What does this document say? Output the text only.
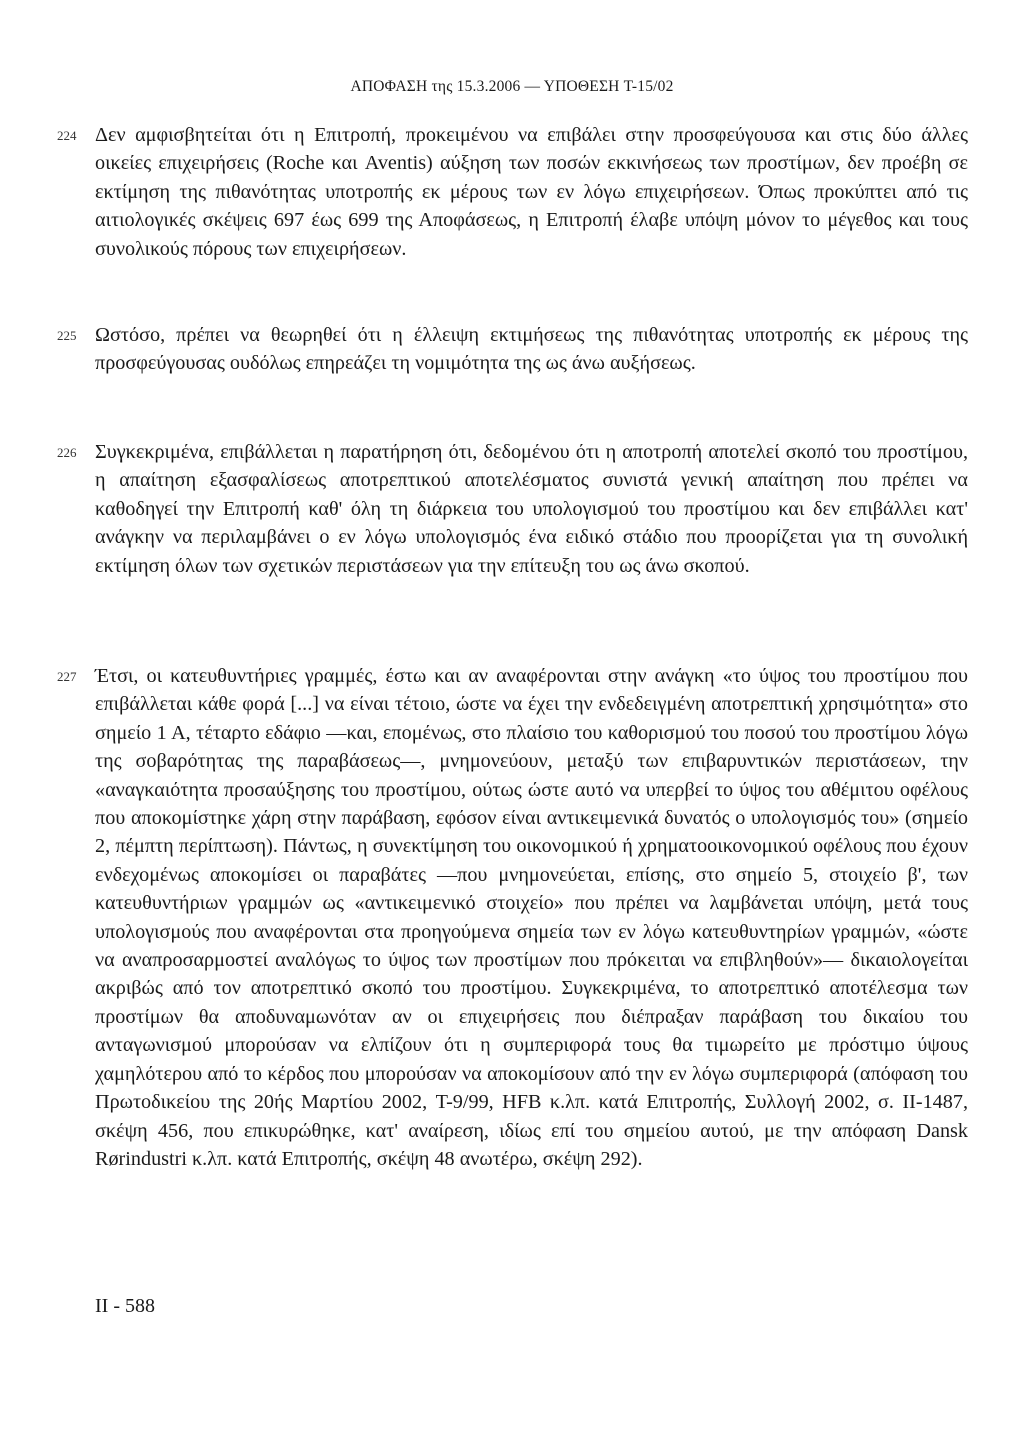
ΑΠΟΦΑΣΗ της 15.3.2006 — ΥΠΟΘΕΣΗ T-15/02
224 Δεν αμφισβητείται ότι η Επιτροπή, προκειμένου να επιβάλει στην προσφεύγουσα και στις δύο άλλες οικείες επιχειρήσεις (Roche και Aventis) αύξηση των ποσών εκκινήσεως των προστίμων, δεν προέβη σε εκτίμηση της πιθανότητας υποτροπής εκ μέρους των εν λόγω επιχειρήσεων. Όπως προκύπτει από τις αιτιολογικές σκέψεις 697 έως 699 της Αποφάσεως, η Επιτροπή έλαβε υπόψη μόνον το μέγεθος και τους συνολικούς πόρους των επιχειρήσεων.
225 Ωστόσο, πρέπει να θεωρηθεί ότι η έλλειψη εκτιμήσεως της πιθανότητας υποτροπής εκ μέρους της προσφεύγουσας ουδόλως επηρεάζει τη νομιμότητα της ως άνω αυξήσεως.
226 Συγκεκριμένα, επιβάλλεται η παρατήρηση ότι, δεδομένου ότι η αποτροπή αποτελεί σκοπό του προστίμου, η απαίτηση εξασφαλίσεως αποτρεπτικού αποτελέσματος συνιστά γενική απαίτηση που πρέπει να καθοδηγεί την Επιτροπή καθ' όλη τη διάρκεια του υπολογισμού του προστίμου και δεν επιβάλλει κατ' ανάγκην να περιλαμβάνει ο εν λόγω υπολογισμός ένα ειδικό στάδιο που προορίζεται για τη συνολική εκτίμηση όλων των σχετικών περιστάσεων για την επίτευξη του ως άνω σκοπού.
227 Έτσι, οι κατευθυντήριες γραμμές, έστω και αν αναφέρονται στην ανάγκη «το ύψος του προστίμου που επιβάλλεται κάθε φορά [...] να είναι τέτοιο, ώστε να έχει την ενδεδειγμένη αποτρεπτική χρησιμότητα» στο σημείο 1 Α, τέταρτο εδάφιο —και, επομένως, στο πλαίσιο του καθορισμού του ποσού του προστίμου λόγω της σοβαρότητας της παραβάσεως—, μνημονεύουν, μεταξύ των επιβαρυντικών περιστάσεων, την «αναγκαιότητα προσαύξησης του προστίμου, ούτως ώστε αυτό να υπερβεί το ύψος του αθέμιτου οφέλους που αποκομίστηκε χάρη στην παράβαση, εφόσον είναι αντικειμενικά δυνατός ο υπολογισμός του» (σημείο 2, πέμπτη περίπτωση). Πάντως, η συνεκτίμηση του οικονομικού ή χρηματοοικονομικού οφέλους που έχουν ενδεχομένως αποκομίσει οι παραβάτες —που μνημονεύεται, επίσης, στο σημείο 5, στοιχείο β', των κατευθυντήριων γραμμών ως «αντικειμενικό στοιχείο» που πρέπει να λαμβάνεται υπόψη, μετά τους υπολογισμούς που αναφέρονται στα προηγούμενα σημεία των εν λόγω κατευθυντηρίων γραμμών, «ώστε να αναπροσαρμοστεί αναλόγως το ύψος των προστίμων που πρόκειται να επιβληθούν»— δικαιολογείται ακριβώς από τον αποτρεπτικό σκοπό του προστίμου. Συγκεκριμένα, το αποτρεπτικό αποτέλεσμα των προστίμων θα αποδυναμωνόταν αν οι επιχειρήσεις που διέπραξαν παράβαση του δικαίου του ανταγωνισμού μπορούσαν να ελπίζουν ότι η συμπεριφορά τους θα τιμωρείτο με πρόστιμο ύψους χαμηλότερου από το κέρδος που μπορούσαν να αποκομίσουν από την εν λόγω συμπεριφορά (απόφαση του Πρωτοδικείου της 20ής Μαρτίου 2002, T-9/99, HFB κ.λπ. κατά Επιτροπής, Συλλογή 2002, σ. II-1487, σκέψη 456, που επικυρώθηκε, κατ' αναίρεση, ιδίως επί του σημείου αυτού, με την απόφαση Dansk Rørindustri κ.λπ. κατά Επιτροπής, σκέψη 48 ανωτέρω, σκέψη 292).
II - 588
